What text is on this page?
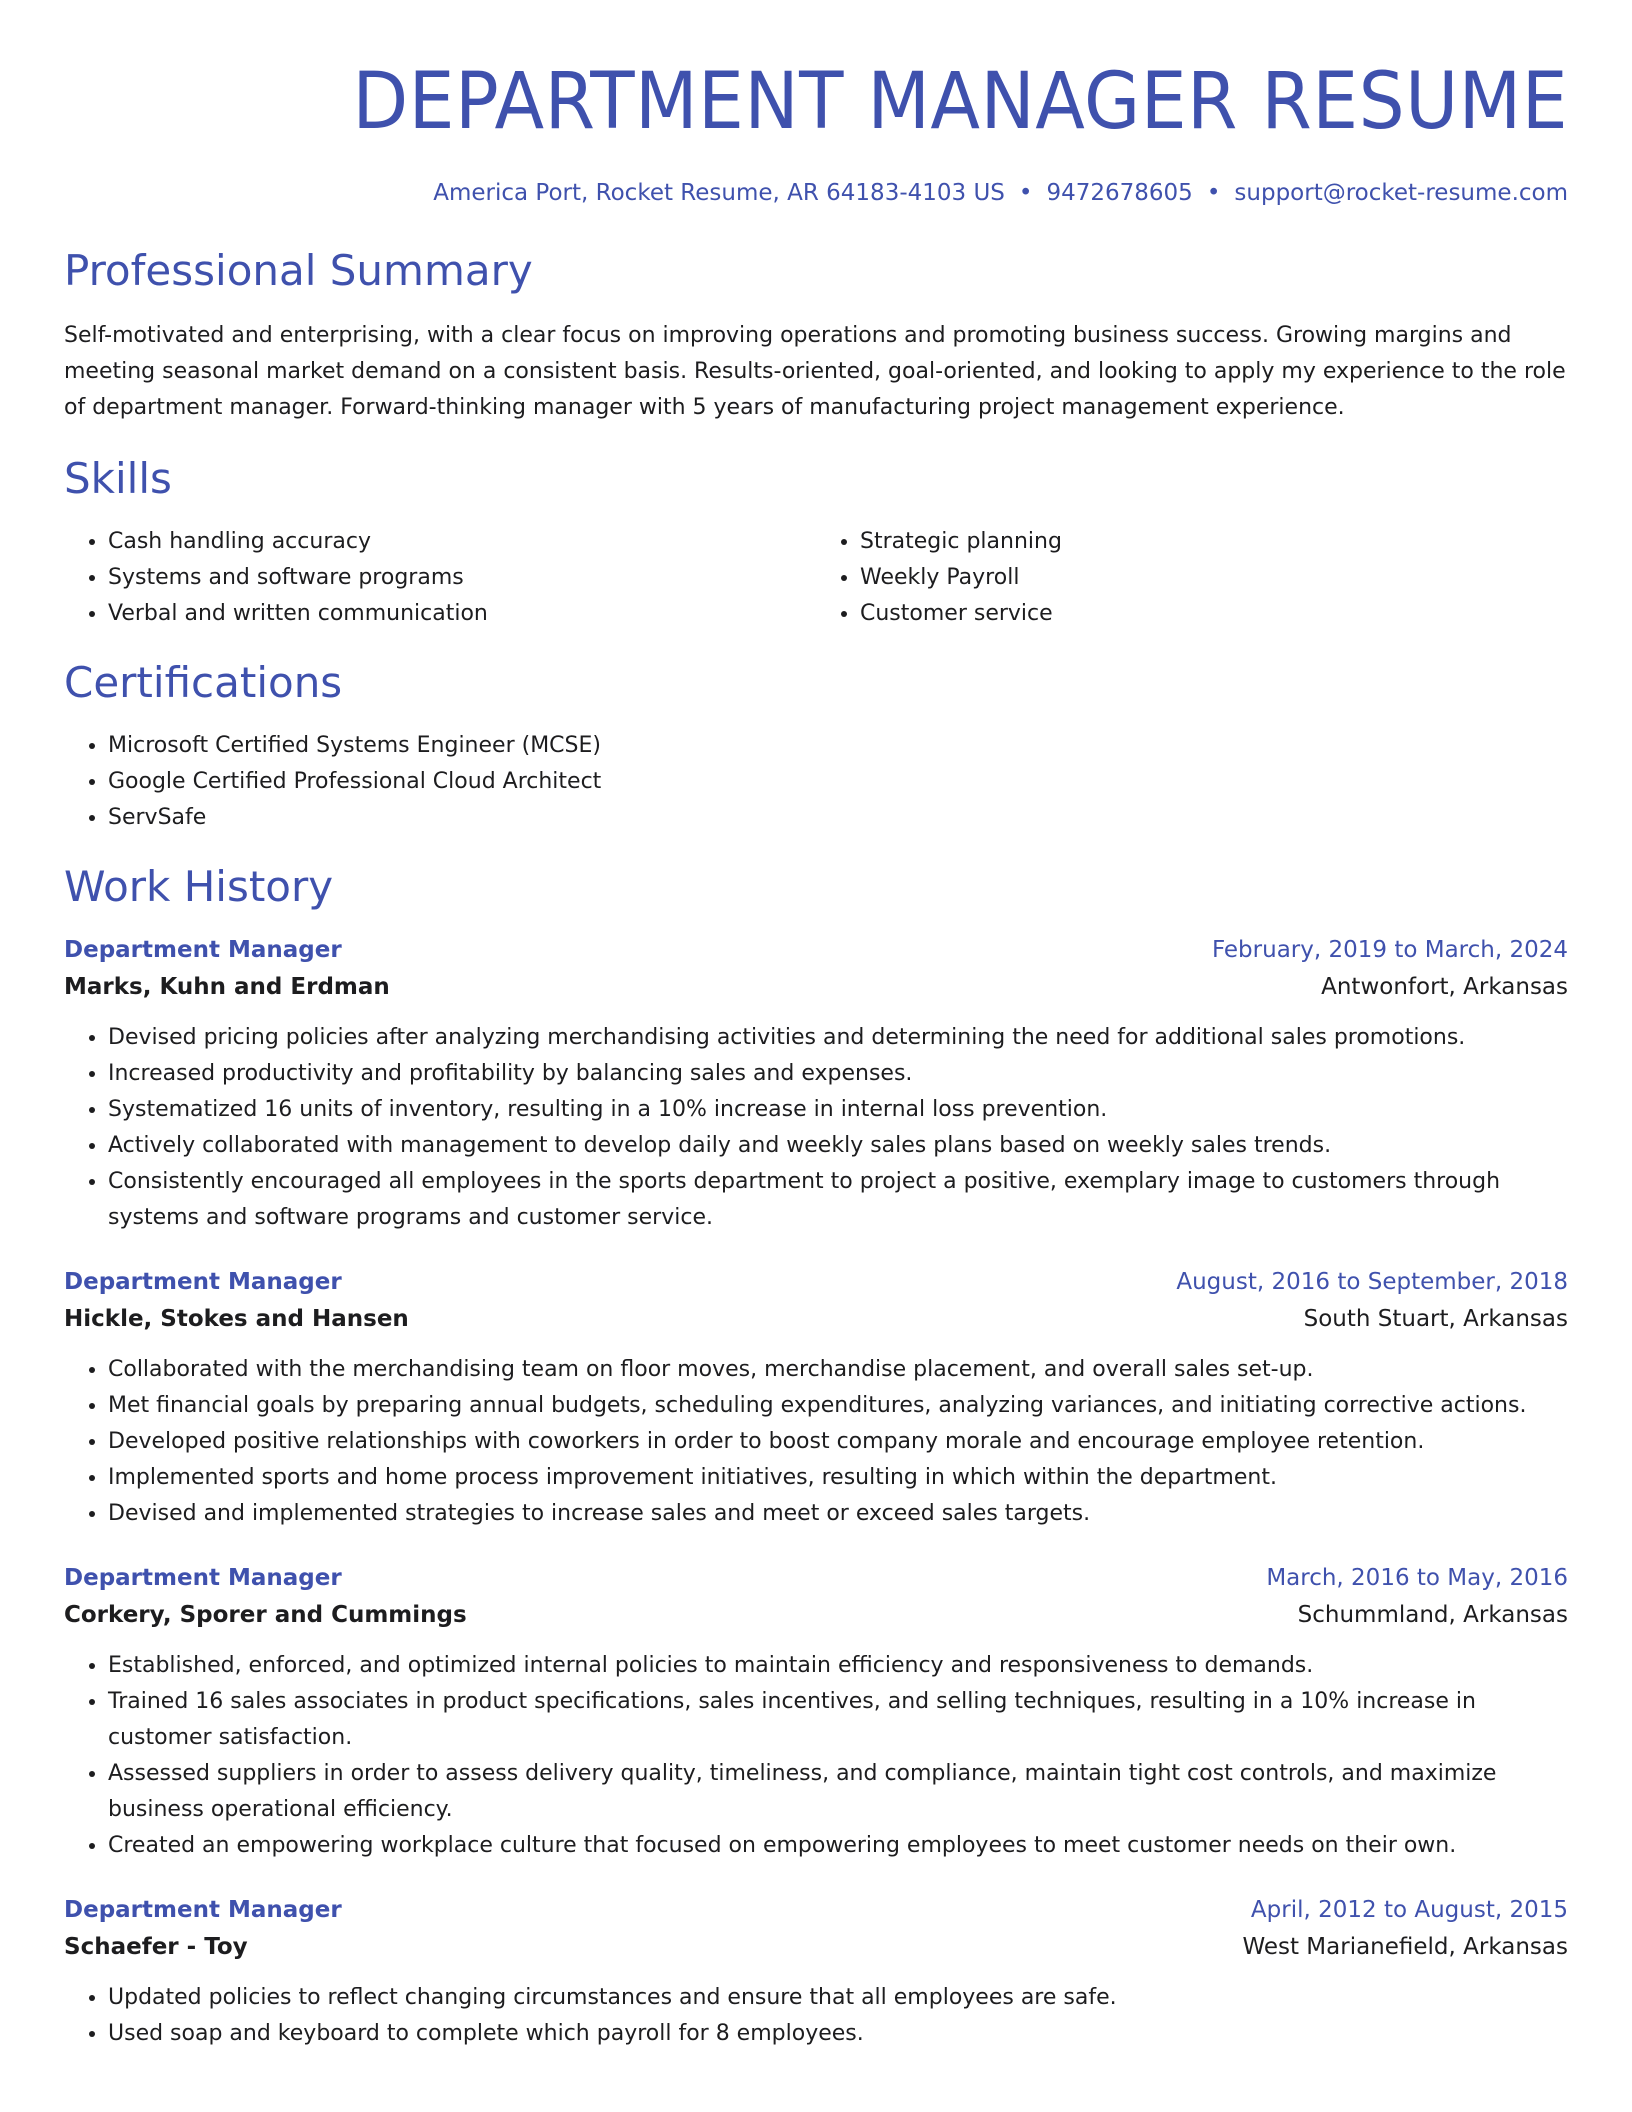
DEPARTMENT MANAGER RESUME
America Port, Rocket Resume, AR 64183-4103 US • 9472678605 • support@rocket-resume.com
Professional Summary

Self-motivated and enterprising, with a clear focus on improving operations and promoting business success. Growing margins and meeting seasonal market demand on a consistent basis. Results-oriented, goal-oriented, and looking to apply my experience to the role of department manager. Forward-thinking manager with 5 years of manufacturing project management experience.

Skills
• Cash handling accuracy
• Systems and software programs
• Verbal and written communication
• Strategic planning
• Weekly Payroll
• Customer service
Certifications
• Microsoft Certified Systems Engineer (MCSE)
• Google Certified Professional Cloud Architect
• ServSafe
Work History
Department Manager	February, 2019 to March, 2024
Marks, Kuhn and Erdman	Antwonfort, Arkansas
• Devised pricing policies after analyzing merchandising activities and determining the need for additional sales promotions.
• Increased productivity and profitability by balancing sales and expenses.
• Systematized 16 units of inventory, resulting in a 10% increase in internal loss prevention.
• Actively collaborated with management to develop daily and weekly sales plans based on weekly sales trends.
• Consistently encouraged all employees in the sports department to project a positive, exemplary image to customers through systems and software programs and customer service.
Department Manager	August, 2016 to September, 2018
Hickle, Stokes and Hansen	South Stuart, Arkansas
• Collaborated with the merchandising team on floor moves, merchandise placement, and overall sales set-up.
• Met financial goals by preparing annual budgets, scheduling expenditures, analyzing variances, and initiating corrective actions.
• Developed positive relationships with coworkers in order to boost company morale and encourage employee retention.
• Implemented sports and home process improvement initiatives, resulting in which within the department.
• Devised and implemented strategies to increase sales and meet or exceed sales targets.
Department Manager	March, 2016 to May, 2016
Corkery, Sporer and Cummings	Schummland, Arkansas
• Established, enforced, and optimized internal policies to maintain efficiency and responsiveness to demands.
• Trained 16 sales associates in product specifications, sales incentives, and selling techniques, resulting in a 10% increase in customer satisfaction.
• Assessed suppliers in order to assess delivery quality, timeliness, and compliance, maintain tight cost controls, and maximize business operational efficiency.
• Created an empowering workplace culture that focused on empowering employees to meet customer needs on their own.
Department Manager	April, 2012 to August, 2015
Schaefer - Toy	West Marianefield, Arkansas
• Updated policies to reflect changing circumstances and ensure that all employees are safe.
• Used soap and keyboard to complete which payroll for 8 employees.
